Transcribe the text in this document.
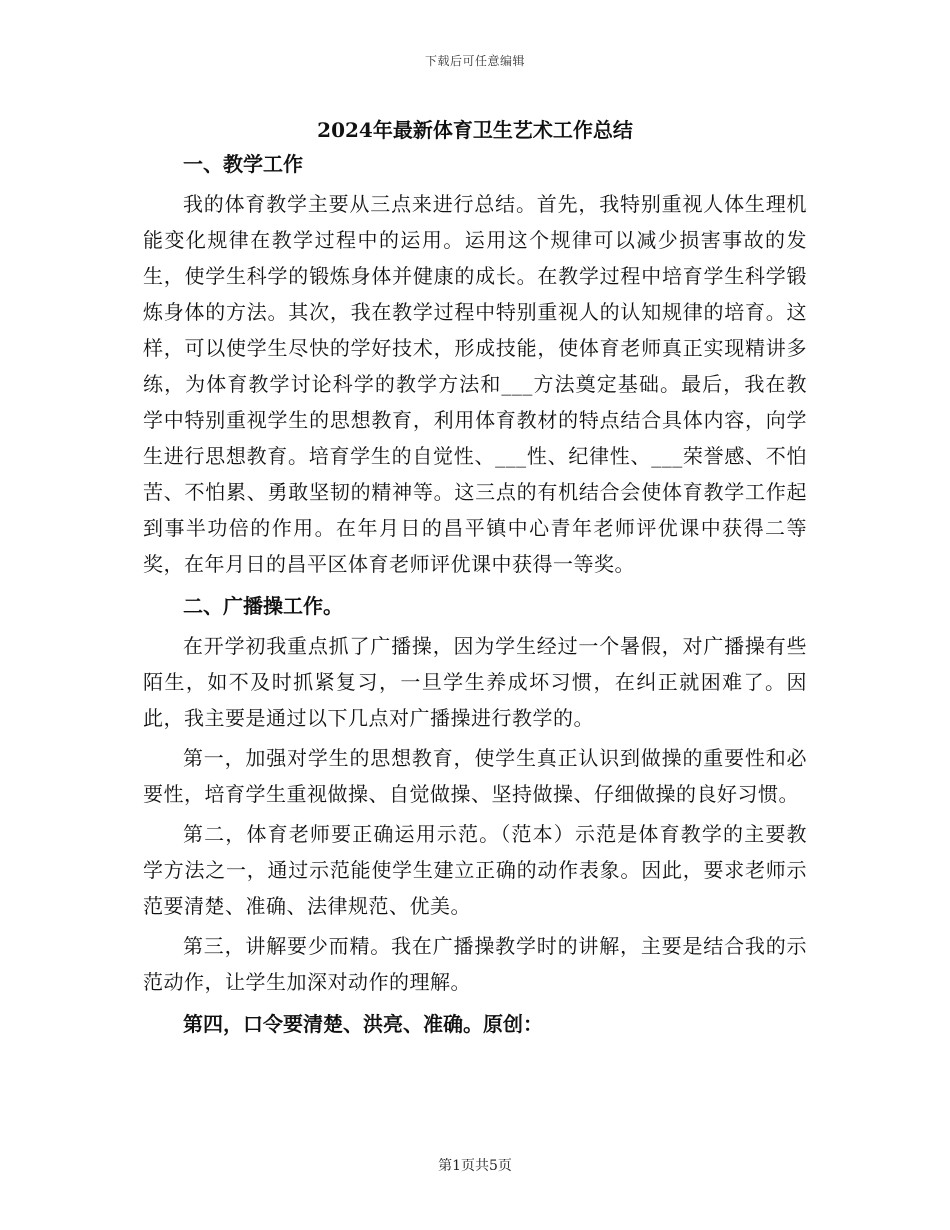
下载后可任意编辑
2024年最新体育卫生艺术工作总结
一、教学工作
我的体育教学主要从三点来进行总结。首先，我特别重视人体生理机能变化规律在教学过程中的运用。运用这个规律可以减少损害事故的发生，使学生科学的锻炼身体并健康的成长。在教学过程中培育学生科学锻炼身体的方法。其次，我在教学过程中特别重视人的认知规律的培育。这样，可以使学生尽快的学好技术，形成技能，使体育老师真正实现精讲多练，为体育教学讨论科学的教学方法和___方法奠定基础。最后，我在教学中特别重视学生的思想教育，利用体育教材的特点结合具体内容，向学生进行思想教育。培育学生的自觉性、___性、纪律性、___荣誉感、不怕苦、不怕累、勇敢坚韧的精神等。这三点的有机结合会使体育教学工作起到事半功倍的作用。在年月日的昌平镇中心青年老师评优课中获得二等奖，在年月日的昌平区体育老师评优课中获得一等奖。
二、广播操工作。
在开学初我重点抓了广播操，因为学生经过一个暑假，对广播操有些陌生，如不及时抓紧复习，一旦学生养成坏习惯，在纠正就困难了。因此，我主要是通过以下几点对广播操进行教学的。
第一，加强对学生的思想教育，使学生真正认识到做操的重要性和必要性，培育学生重视做操、自觉做操、坚持做操、仔细做操的良好习惯。
第二，体育老师要正确运用示范。（范本）示范是体育教学的主要教学方法之一，通过示范能使学生建立正确的动作表象。因此，要求老师示范要清楚、准确、法律规范、优美。
第三，讲解要少而精。我在广播操教学时的讲解，主要是结合我的示范动作，让学生加深对动作的理解。
第四，口令要清楚、洪亮、准确。原创：
第1页共5页
